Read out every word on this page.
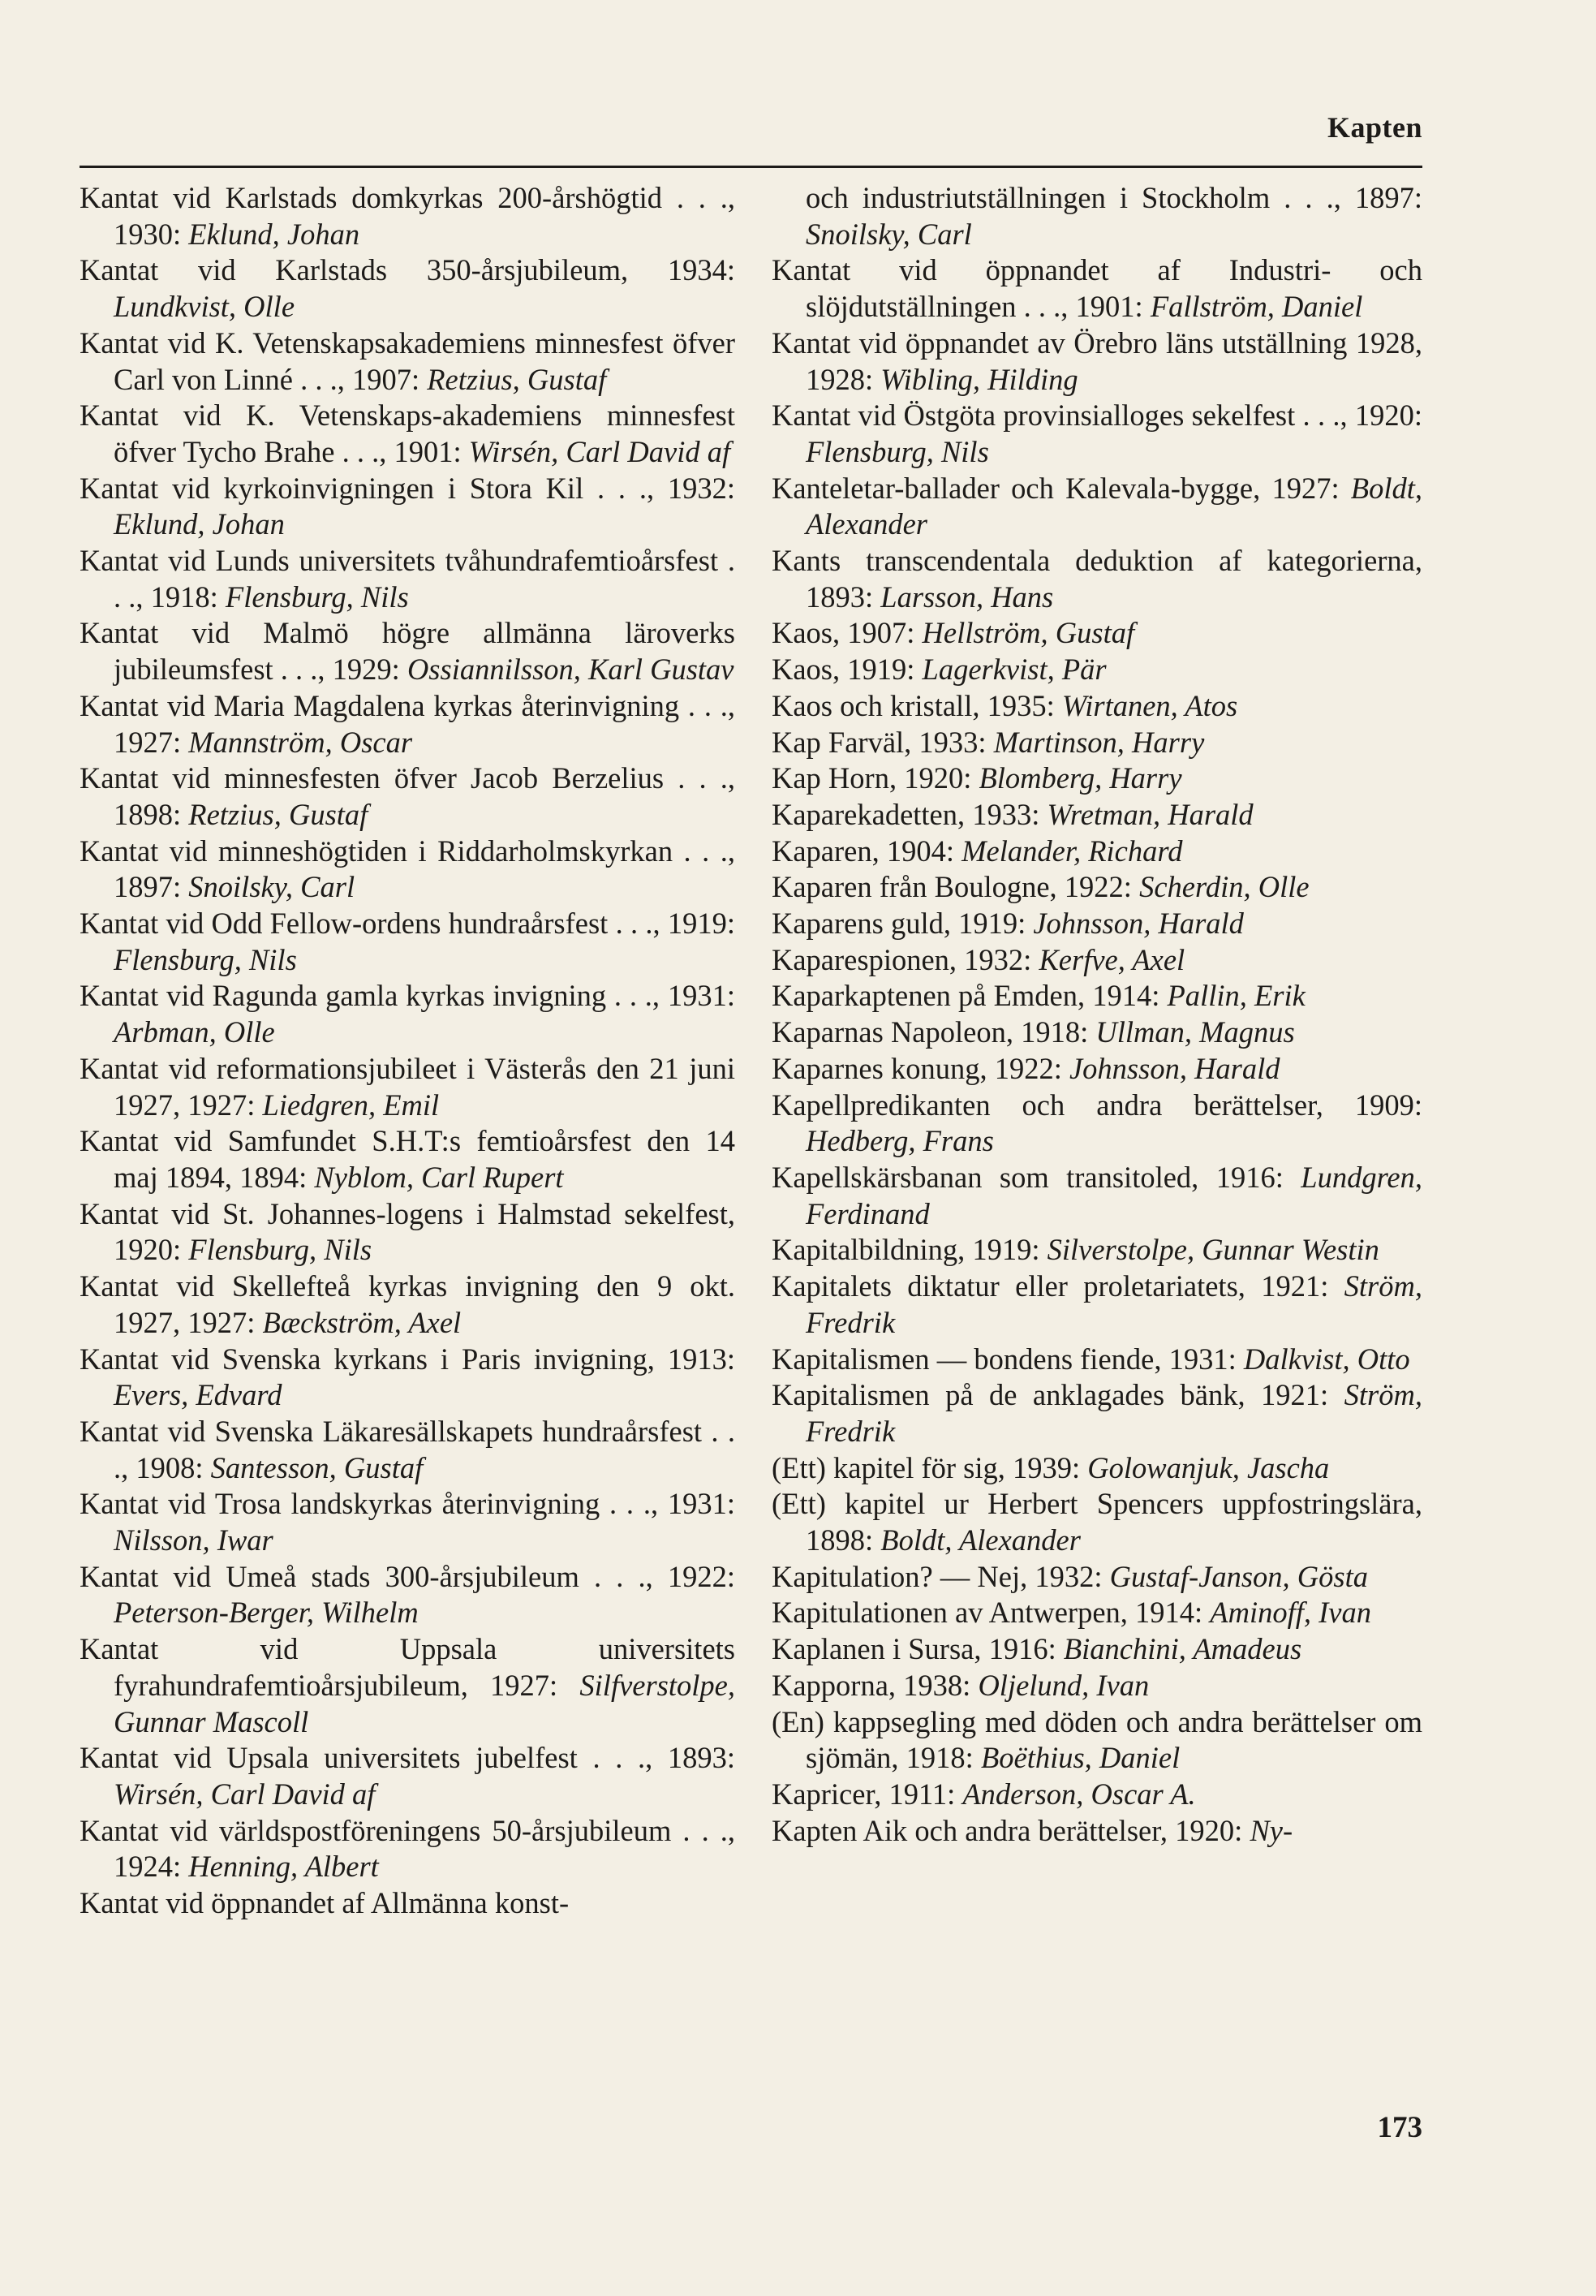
Kapten
Kantat vid Karlstads domkyrkas 200-årshögtid . . ., 1930: Eklund, Johan
Kantat vid Karlstads 350-årsjubileum, 1934: Lundkvist, Olle
Kantat vid K. Vetenskapsakademiens minnesfest öfver Carl von Linné . . ., 1907: Retzius, Gustaf
Kantat vid K. Vetenskaps-akademiens minnesfest öfver Tycho Brahe . . ., 1901: Wirsén, Carl David af
Kantat vid kyrkoinvigningen i Stora Kil . . ., 1932: Eklund, Johan
Kantat vid Lunds universitets tvåhundrafemtioårsfest . . ., 1918: Flensburg, Nils
Kantat vid Malmö högre allmänna läroverks jubileumsfest . . ., 1929: Ossiannilsson, Karl Gustav
Kantat vid Maria Magdalena kyrkas återinvigning . . ., 1927: Mannström, Oscar
Kantat vid minnesfesten öfver Jacob Berzelius . . ., 1898: Retzius, Gustaf
Kantat vid minneshögtiden i Riddarholmskyrkan . . ., 1897: Snoilsky, Carl
Kantat vid Odd Fellow-ordens hundraårsfest . . ., 1919: Flensburg, Nils
Kantat vid Ragunda gamla kyrkas invigning . . ., 1931: Arbman, Olle
Kantat vid reformationsjubileet i Västerås den 21 juni 1927, 1927: Liedgren, Emil
Kantat vid Samfundet S.H.T:s femtioårsfest den 14 maj 1894, 1894: Nyblom, Carl Rupert
Kantat vid St. Johannes-logens i Halmstad sekelfest, 1920: Flensburg, Nils
Kantat vid Skellefteå kyrkas invigning den 9 okt. 1927, 1927: Bæckström, Axel
Kantat vid Svenska kyrkans i Paris invigning, 1913: Evers, Edvard
Kantat vid Svenska Läkaresällskapets hundraårsfest . . ., 1908: Santesson, Gustaf
Kantat vid Trosa landskyrkas återinvigning . . ., 1931: Nilsson, Iwar
Kantat vid Umeå stads 300-årsjubileum . . ., 1922: Peterson-Berger, Wilhelm
Kantat vid Uppsala universitets fyrahundrafemtioårsjubileum, 1927: Silfverstolpe, Gunnar Mascoll
Kantat vid Upsala universitets jubelfest . . ., 1893: Wirsén, Carl David af
Kantat vid världspostföreningens 50-årsjubileum . . ., 1924: Henning, Albert
Kantat vid öppnandet af Allmänna konst-
och industriutställningen i Stockholm . . ., 1897: Snoilsky, Carl
Kantat vid öppnandet af Industri- och slöjdutställningen . . ., 1901: Fallström, Daniel
Kantat vid öppnandet av Örebro läns utställning 1928, 1928: Wibling, Hilding
Kantat vid Östgöta provinsialloges sekelfest . . ., 1920: Flensburg, Nils
Kanteletar-ballader och Kalevala-bygge, 1927: Boldt, Alexander
Kants transcendentala deduktion af kategorierna, 1893: Larsson, Hans
Kaos, 1907: Hellström, Gustaf
Kaos, 1919: Lagerkvist, Pär
Kaos och kristall, 1935: Wirtanen, Atos
Kap Farväl, 1933: Martinson, Harry
Kap Horn, 1920: Blomberg, Harry
Kaparekadetten, 1933: Wretman, Harald
Kaparen, 1904: Melander, Richard
Kaparen från Boulogne, 1922: Scherdin, Olle
Kaparens guld, 1919: Johnsson, Harald
Kaparespionen, 1932: Kerfve, Axel
Kaparkaptenen på Emden, 1914: Pallin, Erik
Kaparnas Napoleon, 1918: Ullman, Magnus
Kaparnes konung, 1922: Johnsson, Harald
Kapellpredikanten och andra berättelser, 1909: Hedberg, Frans
Kapellskärsbanan som transitoled, 1916: Lundgren, Ferdinand
Kapitalbildning, 1919: Silverstolpe, Gunnar Westin
Kapitalets diktatur eller proletariatets, 1921: Ström, Fredrik
Kapitalismen — bondens fiende, 1931: Dalkvist, Otto
Kapitalismen på de anklagades bänk, 1921: Ström, Fredrik
(Ett) kapitel för sig, 1939: Golowanjuk, Jascha
(Ett) kapitel ur Herbert Spencers uppfostringslära, 1898: Boldt, Alexander
Kapitulation? — Nej, 1932: Gustaf-Janson, Gösta
Kapitulationen av Antwerpen, 1914: Aminoff, Ivan
Kaplanen i Sursa, 1916: Bianchini, Amadeus
Kapporna, 1938: Oljelund, Ivan
(En) kappsegling med döden och andra berättelser om sjömän, 1918: Boëthius, Daniel
Kapricer, 1911: Anderson, Oscar A.
Kapten Aik och andra berättelser, 1920: Ny-
173
